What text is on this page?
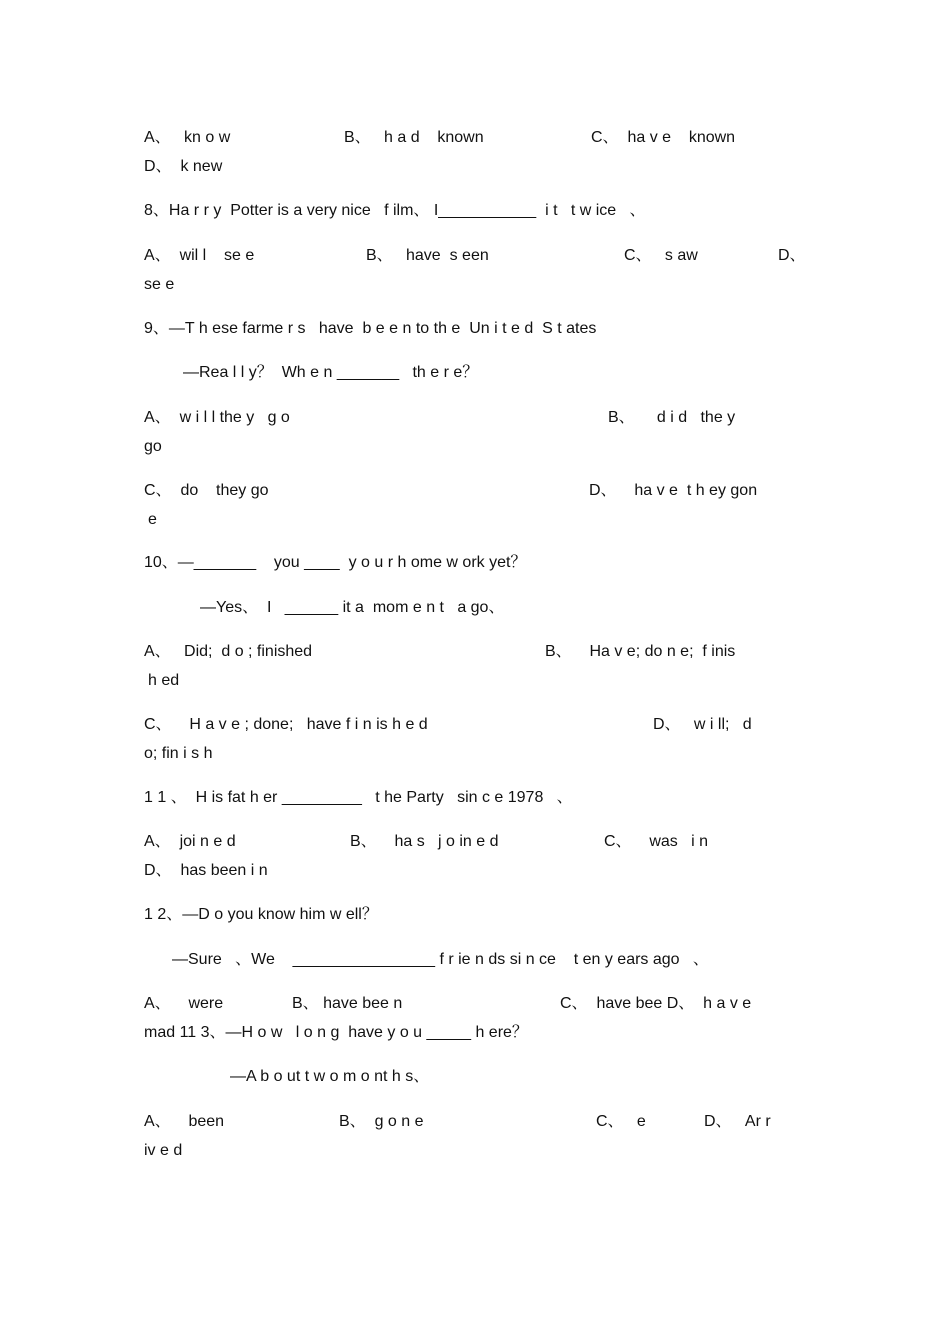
A、   kn o w	B、   h a d    known	C、  ha v e    known
D、  k new
8、Ha r r y  Potter is a very nice   f ilm、 I___________  i t   t w ice   、
A、  wil l    se e	B、   have  s een	C、   s aw	D、
se e
9、—T h ese farme r s   have  b e e n to th e  Un i t e d  S t ates
—Rea l l y？  Wh e n _______   th e r e？
A、  w i l l the y   g o	B、     d i d   the y
go
C、  do    they go	D、    ha v e  t h ey gon
e
10、—_______    you ____  y o u r h ome w ork yet？
—Yes、  I   ______ it a  mom e n t   a go、
A、   Did;  d o ; finished	B、    Ha v e; do n e;  f inis
h ed
C、    H a v e ; done;   have f i n is h e d	D、   w i ll;   d
o; fin i s h
1 1 、  H is fat h er _________   t he Party   sin c e 1978   、
A、  joi n e d	B、    ha s   j o in e d	C、    was   i n
D、  has been i n
1 2、—D o you know him w ell？
—Sure   、We    ________________ f r ie n ds si n ce    t en y ears ago   、
A、    were	B、 have bee n	C、  have bee D、  h a v e
mad 11 3、—H o w   l o n g  have y o u _____ h ere？
—A b o ut t w o m o nt h s、
A、    been	B、  g o n e	C、   e	D、   Ar r
iv e d
